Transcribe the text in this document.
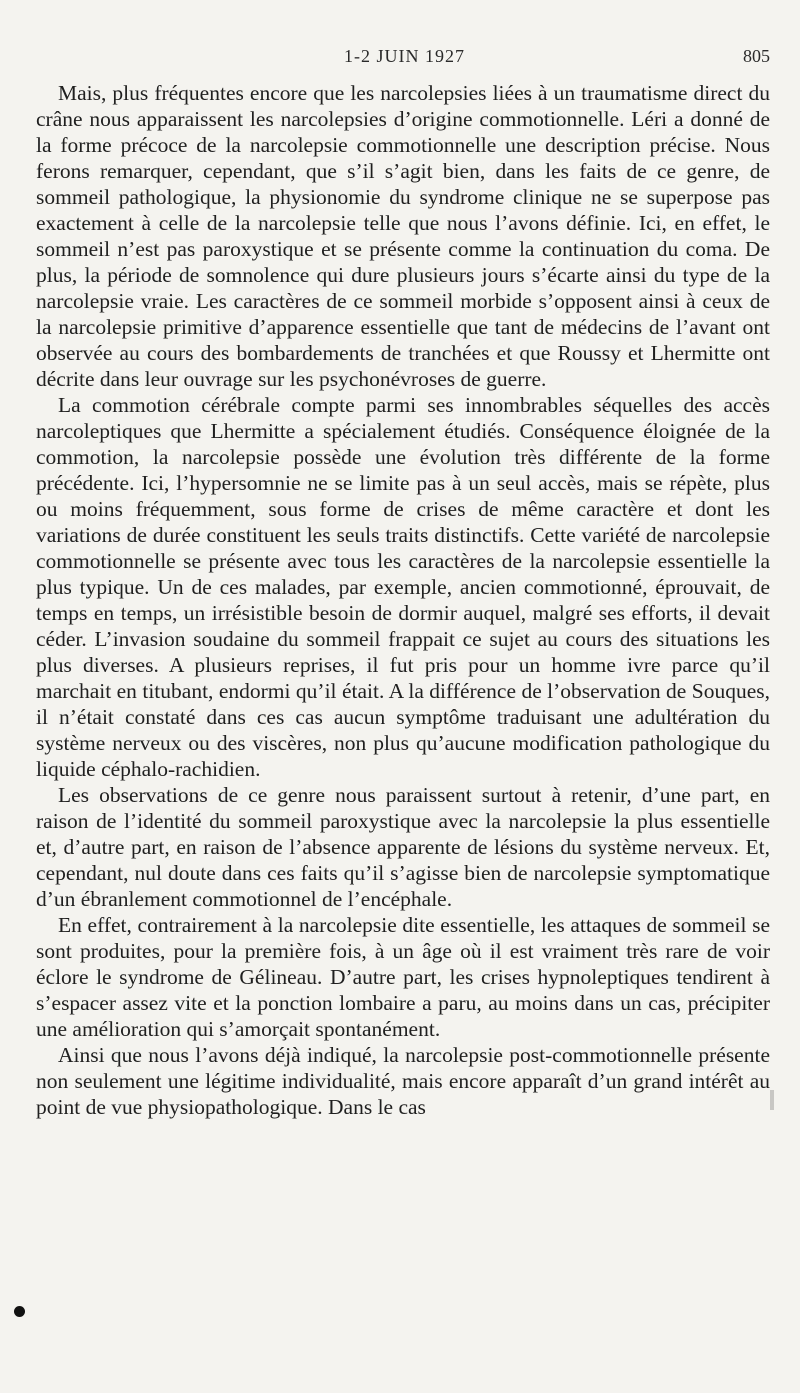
1-2 JUIN 1927	805

Mais, plus fréquentes encore que les narcolepsies liées à un traumatisme direct du crâne nous apparaissent les narcolepsies d’origine commotionnelle. Léri a donné de la forme précoce de la narcolepsie commotionnelle une description précise. Nous ferons remarquer, cependant, que s’il s’agit bien, dans les faits de ce genre, de sommeil pathologique, la physionomie du syndrome clinique ne se superpose pas exactement à celle de la narcolepsie telle que nous l’avons définie. Ici, en effet, le sommeil n’est pas paroxystique et se présente comme la continuation du coma. De plus, la période de somnolence qui dure plusieurs jours s’écarte ainsi du type de la narcolepsie vraie. Les caractères de ce sommeil morbide s’opposent ainsi à ceux de la narcolepsie primitive d’apparence essentielle que tant de médecins de l’avant ont observée au cours des bombardements de tranchées et que Roussy et Lhermitte ont décrite dans leur ouvrage sur les psychonévroses de guerre.

La commotion cérébrale compte parmi ses innombrables séquelles des accès narcoleptiques que Lhermitte a spécialement étudiés. Conséquence éloignée de la commotion, la narcolepsie possède une évolution très différente de la forme précédente. Ici, l’hypersomnie ne se limite pas à un seul accès, mais se répète, plus ou moins fréquemment, sous forme de crises de même caractère et dont les variations de durée constituent les seuls traits distinctifs. Cette variété de narcolepsie commotionnelle se présente avec tous les caractères de la narcolepsie essentielle la plus typique. Un de ces malades, par exemple, ancien commotionné, éprouvait, de temps en temps, un irrésistible besoin de dormir auquel, malgré ses efforts, il devait céder. L’invasion soudaine du sommeil frappait ce sujet au cours des situations les plus diverses. A plusieurs reprises, il fut pris pour un homme ivre parce qu’il marchait en titubant, endormi qu’il était. A la différence de l’observation de Souques, il n’était constaté dans ces cas aucun symptôme traduisant une adultération du système nerveux ou des viscères, non plus qu’aucune modification pathologique du liquide céphalo-rachidien.

Les observations de ce genre nous paraissent surtout à retenir, d’une part, en raison de l’identité du sommeil paroxystique avec la narcolepsie la plus essentielle et, d’autre part, en raison de l’absence apparente de lésions du système nerveux. Et, cependant, nul doute dans ces faits qu’il s’agisse bien de narcolepsie symptomatique d’un ébranlement commotionnel de l’encéphale.

En effet, contrairement à la narcolepsie dite essentielle, les attaques de sommeil se sont produites, pour la première fois, à un âge où il est vraiment très rare de voir éclore le syndrome de Gélineau. D’autre part, les crises hypnoleptiques tendirent à s’espacer assez vite et la ponction lombaire a paru, au moins dans un cas, précipiter une amélioration qui s’amorçait spontanément.

Ainsi que nous l’avons déjà indiqué, la narcolepsie post-commotionnelle présente non seulement une légitime individualité, mais encore apparaît d’un grand intérêt au point de vue physiopathologique. Dans le cas
